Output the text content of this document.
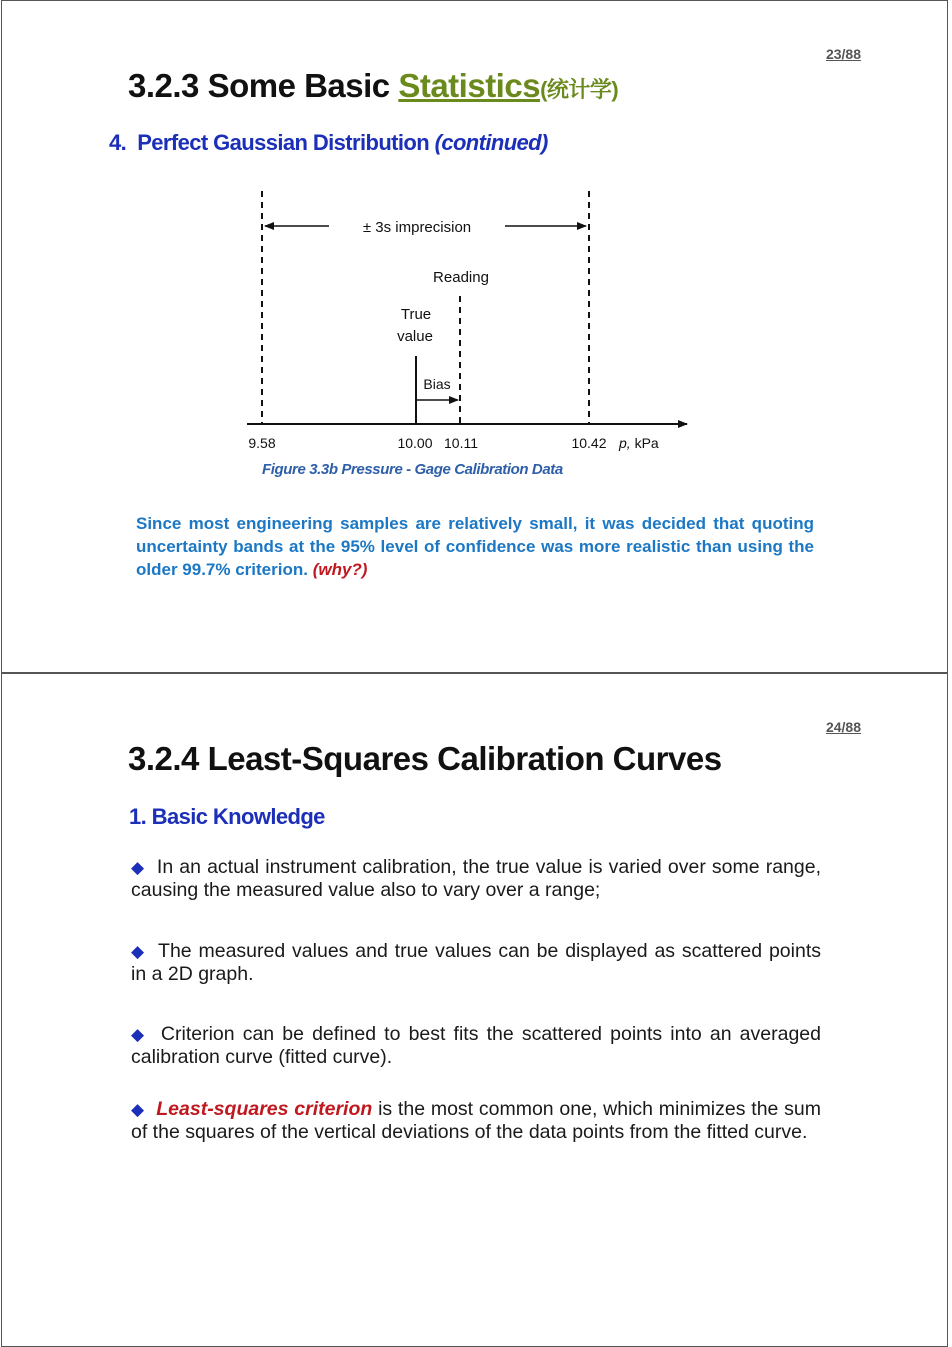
23/88
3.2.3 Some Basic Statistics(统计学)
4. Perfect Gaussian Distribution (continued)
± 3s imprecision
Reading
True
value
Bias
9.58	10.00 10.11	10.42 p, kPa
Figure 3.3b Pressure - Gage Calibration Data
Since most engineering samples are relatively small, it was decided that quoting uncertainty bands at the 95% level of confidence was more realistic than using the older 99.7% criterion. (why?)
24/88
3.2.4 Least-Squares Calibration Curves
1. Basic Knowledge
◆ In an actual instrument calibration, the true value is varied over some range, causing the measured value also to vary over a range;
◆ The measured values and true values can be displayed as scattered points in a 2D graph.
◆ Criterion can be defined to best fits the scattered points into an averaged calibration curve (fitted curve).
◆ Least-squares criterion is the most common one, which minimizes the sum of the squares of the vertical deviations of the data points from the fitted curve.
